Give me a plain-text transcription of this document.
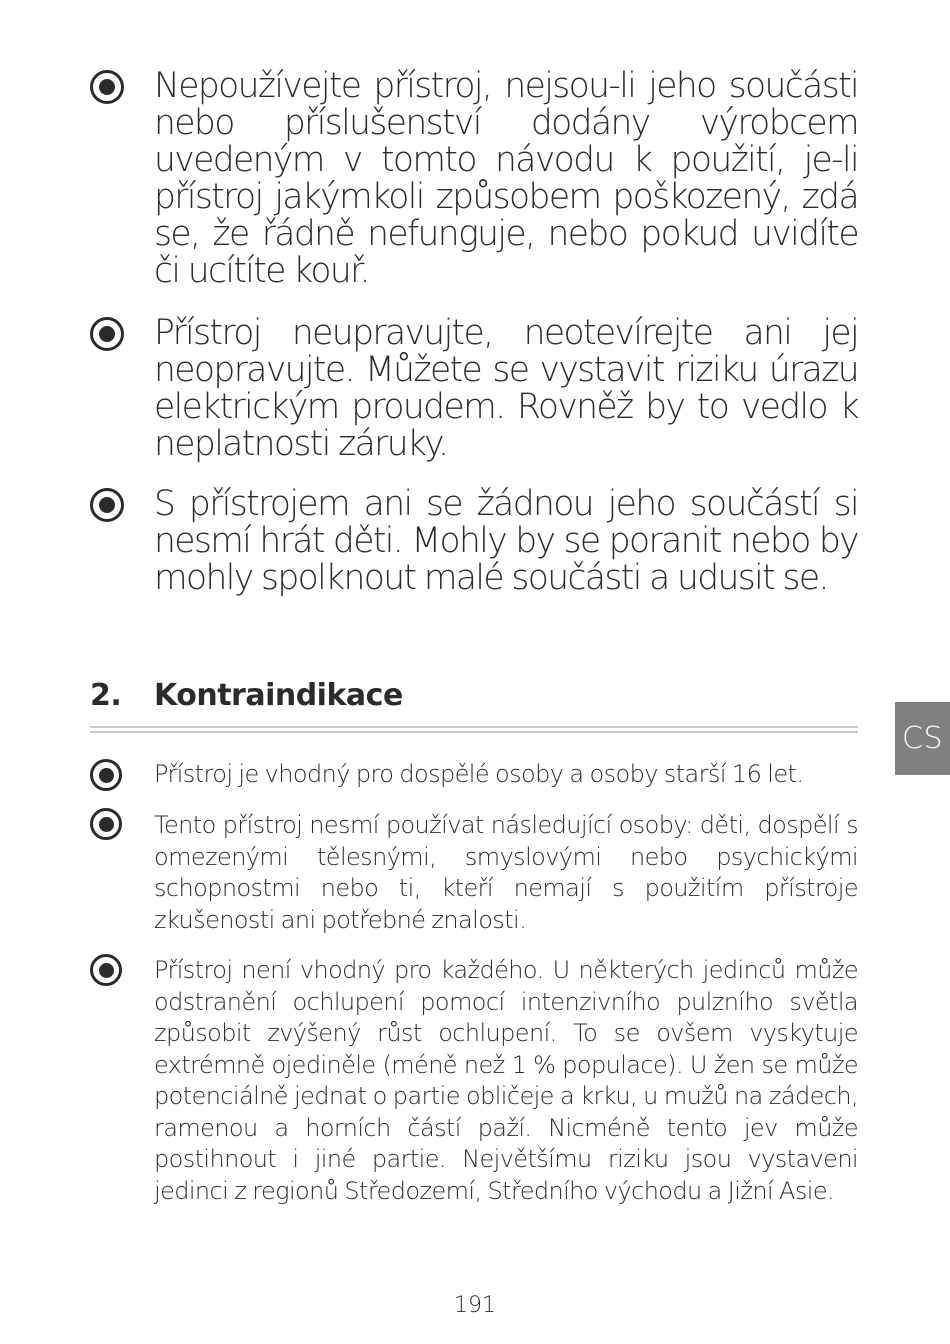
Nepoužívejte přístroj, nejsou-li jeho součásti nebo příslušenství dodány výrobcem uvedeným v tomto návodu k použití, je-li přístroj jakýmkoli způsobem poškozený, zdá se, že řádně nefunguje, nebo pokud uvidíte či ucítíte kouř.

Přístroj neupravujte, neotevírejte ani jej neopravujte. Můžete se vystavit riziku úrazu elektrickým proudem. Rovněž by to vedlo k neplatnosti záruky.

S přístrojem ani se žádnou jeho součástí si nesmí hrát děti. Mohly by se poranit nebo by mohly spolknout malé součásti a udusit se.

2. Kontraindikace

Přístroj je vhodný pro dospělé osoby a osoby starší 16 let.

Tento přístroj nesmí používat následující osoby: děti, dospělí s omezenými tělesnými, smyslovými nebo psychickými schopnostmi nebo ti, kteří nemají s použitím přístroje zkušenosti ani potřebné znalosti.

Přístroj není vhodný pro každého. U některých jedinců může odstranění ochlupení pomocí intenzivního pulzního světla způsobit zvýšený růst ochlupení. To se ovšem vyskytuje extrémně ojediněle (méně než 1 % populace). U žen se může potenciálně jednat o partie obličeje a krku, u mužů na zádech, ramenou a horních částí paží. Nicméně tento jev může postihnout i jiné partie. Největšímu riziku jsou vystaveni jedinci z regionů Středozemí, Středního východu a Jižní Asie.

CS
191
